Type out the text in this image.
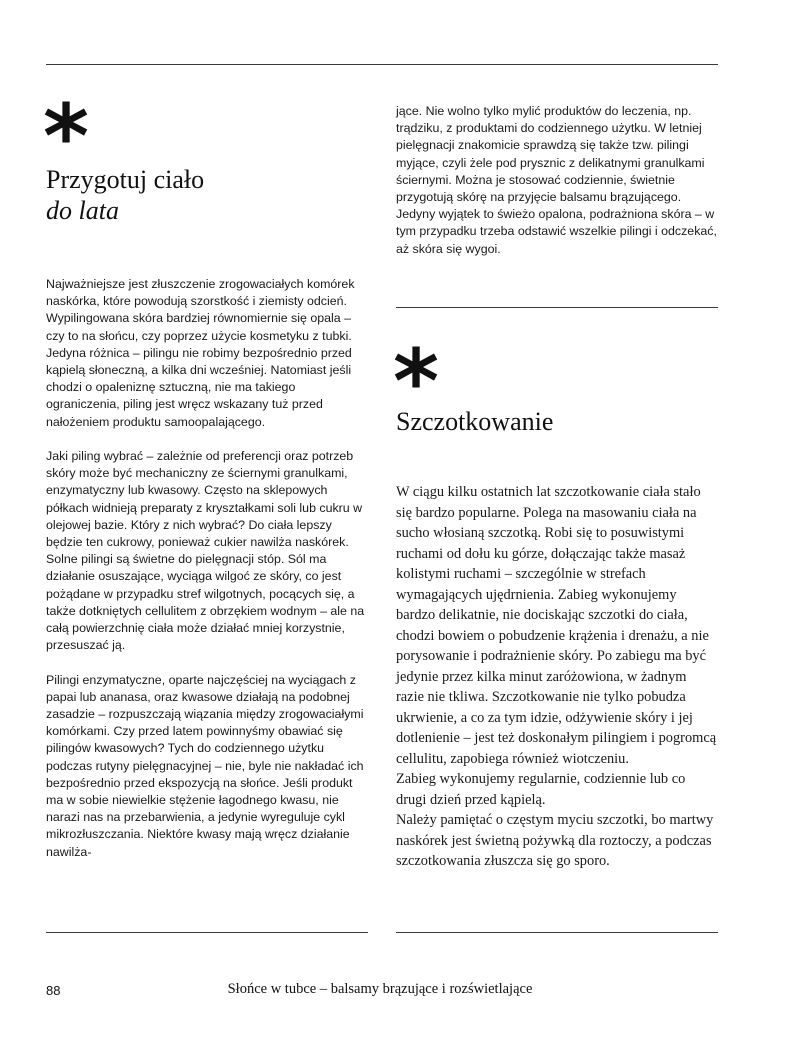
*
Przygotuj ciało
do lata

Najważniejsze jest złuszczenie zrogowaciałych komórek naskórka, które powodują szorstkość i ziemisty odcień. Wypilingowana skóra bardziej równomiernie się opala – czy to na słońcu, czy poprzez użycie kosmetyku z tubki. Jedyna różnica – pilingu nie robimy bezpośrednio przed kąpielą słoneczną, a kilka dni wcześniej. Natomiast jeśli chodzi o opaleniznę sztuczną, nie ma takiego ograniczenia, piling jest wręcz wskazany tuż przed nałożeniem produktu samoopalającego.

Jaki piling wybrać – zależnie od preferencji oraz potrzeb skóry może być mechaniczny ze ściernymi granulkami, enzymatyczny lub kwasowy. Często na sklepowych półkach widnieją preparaty z kryształkami soli lub cukru w olejowej bazie. Który z nich wybrać? Do ciała lepszy będzie ten cukrowy, ponieważ cukier nawilża naskórek. Solne pilingi są świetne do pielęgnacji stóp. Sól ma działanie osuszające, wyciąga wilgoć ze skóry, co jest pożądane w przypadku stref wilgotnych, pocących się, a także dotkniętych cellulitem z obrzękiem wodnym – ale na całą powierzchnię ciała może działać mniej korzystnie, przesuszać ją.

Pilingi enzymatyczne, oparte najczęściej na wyciągach z papai lub ananasa, oraz kwasowe działają na podobnej zasadzie – rozpuszczają wiązania między zrogowaciałymi komórkami. Czy przed latem powinnyśmy obawiać się pilingów kwasowych? Tych do codziennego użytku podczas rutyny pielęgnacyjnej – nie, byle nie nakładać ich bezpośrednio przed ekspozycją na słońce. Jeśli produkt ma w sobie niewielkie stężenie łagodnego kwasu, nie narazi nas na przebarwienia, a jedynie wyreguluje cykl mikrozłuszczania. Niektóre kwasy mają wręcz działanie nawilża-

jące. Nie wolno tylko mylić produktów do leczenia, np. trądziku, z produktami do codziennego użytku. W letniej pielęgnacji znakomicie sprawdzą się także tzw. pilingi myjące, czyli żele pod prysznic z delikatnymi granulkami ściernymi. Można je stosować codziennie, świetnie przygotują skórę na przyjęcie balsamu brązującego. Jedyny wyjątek to świeżo opalona, podrażniona skóra – w tym przypadku trzeba odstawić wszelkie pilingi i odczekać, aż skóra się wygoi.

*
Szczotkowanie

W ciągu kilku ostatnich lat szczotkowanie ciała stało się bardzo popularne. Polega na masowaniu ciała na sucho włosianą szczotką. Robi się to posuwistymi ruchami od dołu ku górze, dołączając także masaż kolistymi ruchami – szczególnie w strefach wymagających ujędrnienia. Zabieg wykonujemy bardzo delikatnie, nie dociskając szczotki do ciała, chodzi bowiem o pobudzenie krążenia i drenażu, a nie porysowanie i podrażnienie skóry. Po zabiegu ma być jedynie przez kilka minut zaróżowiona, w żadnym razie nie tkliwa. Szczotkowanie nie tylko pobudza ukrwienie, a co za tym idzie, odżywienie skóry i jej dotlenienie – jest też doskonałym pilingiem i pogromcą cellulitu, zapobiega również wiotczeniu.

Zabieg wykonujemy regularnie, codziennie lub co drugi dzień przed kąpielą.

Należy pamiętać o częstym myciu szczotki, bo martwy naskórek jest świetną pożywką dla roztoczy, a podczas szczotkowania złuszcza się go sporo.

88	Słońce w tubce – balsamy brązujące i rozświetlające
